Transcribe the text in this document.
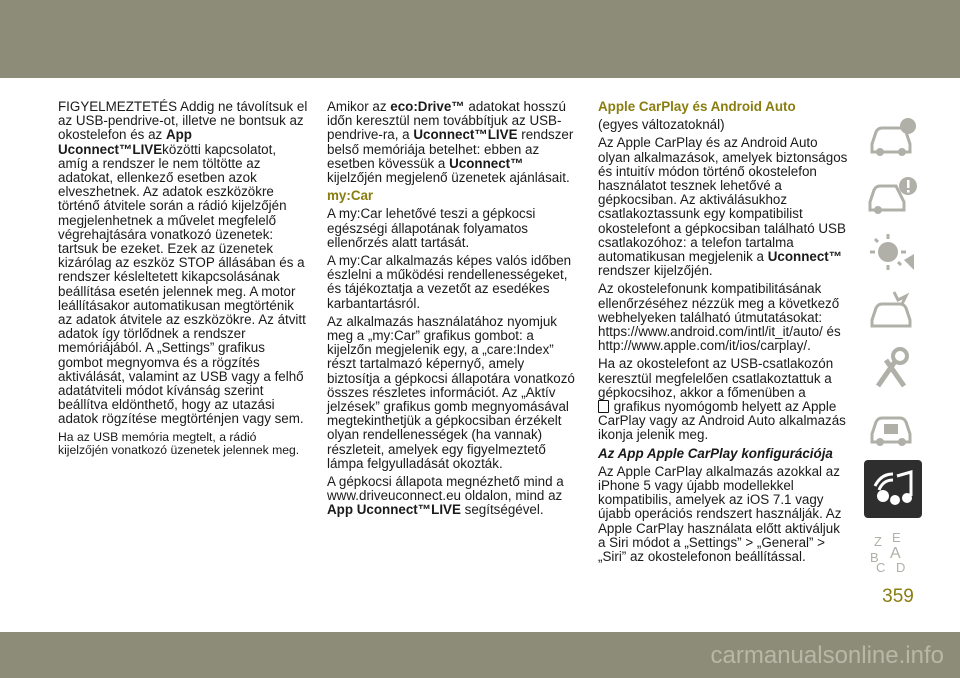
FIGYELMEZTETÉS Addig ne távolítsuk el az USB-pendrive-ot, illetve ne bontsuk az okostelefon és az App Uconnect™LIVEközötti kapcsolatot, amíg a rendszer le nem töltötte az adatokat, ellenkező esetben azok elveszhetnek. Az adatok eszközökre történő átvitele során a rádió kijelzőjén megjelenhetnek a művelet megfelelő végrehajtására vonatkozó üzenetek: tartsuk be ezeket. Ezek az üzenetek kizárólag az eszköz STOP állásában és a rendszer késleltetett kikapcsolásának beállítása esetén jelennek meg. A motor leállításakor automatikusan megtörténik az adatok átvitele az eszközökre. Az átvitt adatok így törlődnek a rendszer memóriájából. A „Settings” grafikus gombot megnyomva és a rögzítés aktiválását, valamint az USB vagy a felhő adatátviteli módot kívánság szerint beállítva eldönthető, hogy az utazási adatok rögzítése megtörténjen vagy sem.

Ha az USB memória megtelt, a rádió kijelzőjén vonatkozó üzenetek jelennek meg.

Amikor az eco:Drive™ adatokat hosszú időn keresztül nem továbbítjuk az USB-pendrive-ra, a Uconnect™LIVE rendszer belső memóriája betelhet: ebben az esetben kövessük a Uconnect™ kijelzőjén megjelenő üzenetek ajánlásait.

my:Car

A my:Car lehetővé teszi a gépkocsi egészségi állapotának folyamatos ellenőrzés alatt tartását.

A my:Car alkalmazás képes valós időben észlelni a működési rendellenességeket, és tájékoztatja a vezetőt az esedékes karbantartásról.

Az alkalmazás használatához nyomjuk meg a „my:Car” grafikus gombot: a kijelzőn megjelenik egy, a „care:Index” részt tartalmazó képernyő, amely biztosítja a gépkocsi állapotára vonatkozó összes részletes információt. Az „Aktív jelzések” grafikus gomb megnyomásával megtekinthetjük a gépkocsiban érzékelt olyan rendellenességek (ha vannak) részleteit, amelyek egy figyelmeztető lámpa felgyulladását okozták.

A gépkocsi állapota megnézhető mind a www.driveuconnect.eu oldalon, mind az App Uconnect™LIVE segítségével.

Apple CarPlay és Android Auto

(egyes változatoknál)

Az Apple CarPlay és az Android Auto olyan alkalmazások, amelyek biztonságos és intuitív módon történő okostelefon használatot tesznek lehetővé a gépkocsiban. Az aktiválásukhoz csatlakoztassunk egy kompatibilist okostelefont a gépkocsiban található USB csatlakozóhoz: a telefon tartalma automatikusan megjelenik a Uconnect™ rendszer kijelzőjén.

Az okostelefonunk kompatibilitásának ellenőrzéséhez nézzük meg a következő webhelyeken található útmutatásokat: https://www.android.com/intl/it_it/auto/ és http://www.apple.com/it/ios/carplay/.

Ha az okostelefont az USB-csatlakozón keresztül megfelelően csatlakoztattuk a gépkocsihoz, akkor a főmenüben a
grafikus nyomógomb helyett az Apple CarPlay vagy az Android Auto alkalmazás ikonja jelenik meg.

Az App Apple CarPlay konfigurációja

Az Apple CarPlay alkalmazás azokkal az iPhone 5 vagy újabb modellekkel kompatibilis, amelyek az iOS 7.1 vagy újabb operációs rendszert használják. Az Apple CarPlay használata előtt aktiváljuk a Siri módot a „Settings” > „General” > „Siri” az okostelefonon beállítással.

Z E
B A
C D
359
carmanualsonline.info
